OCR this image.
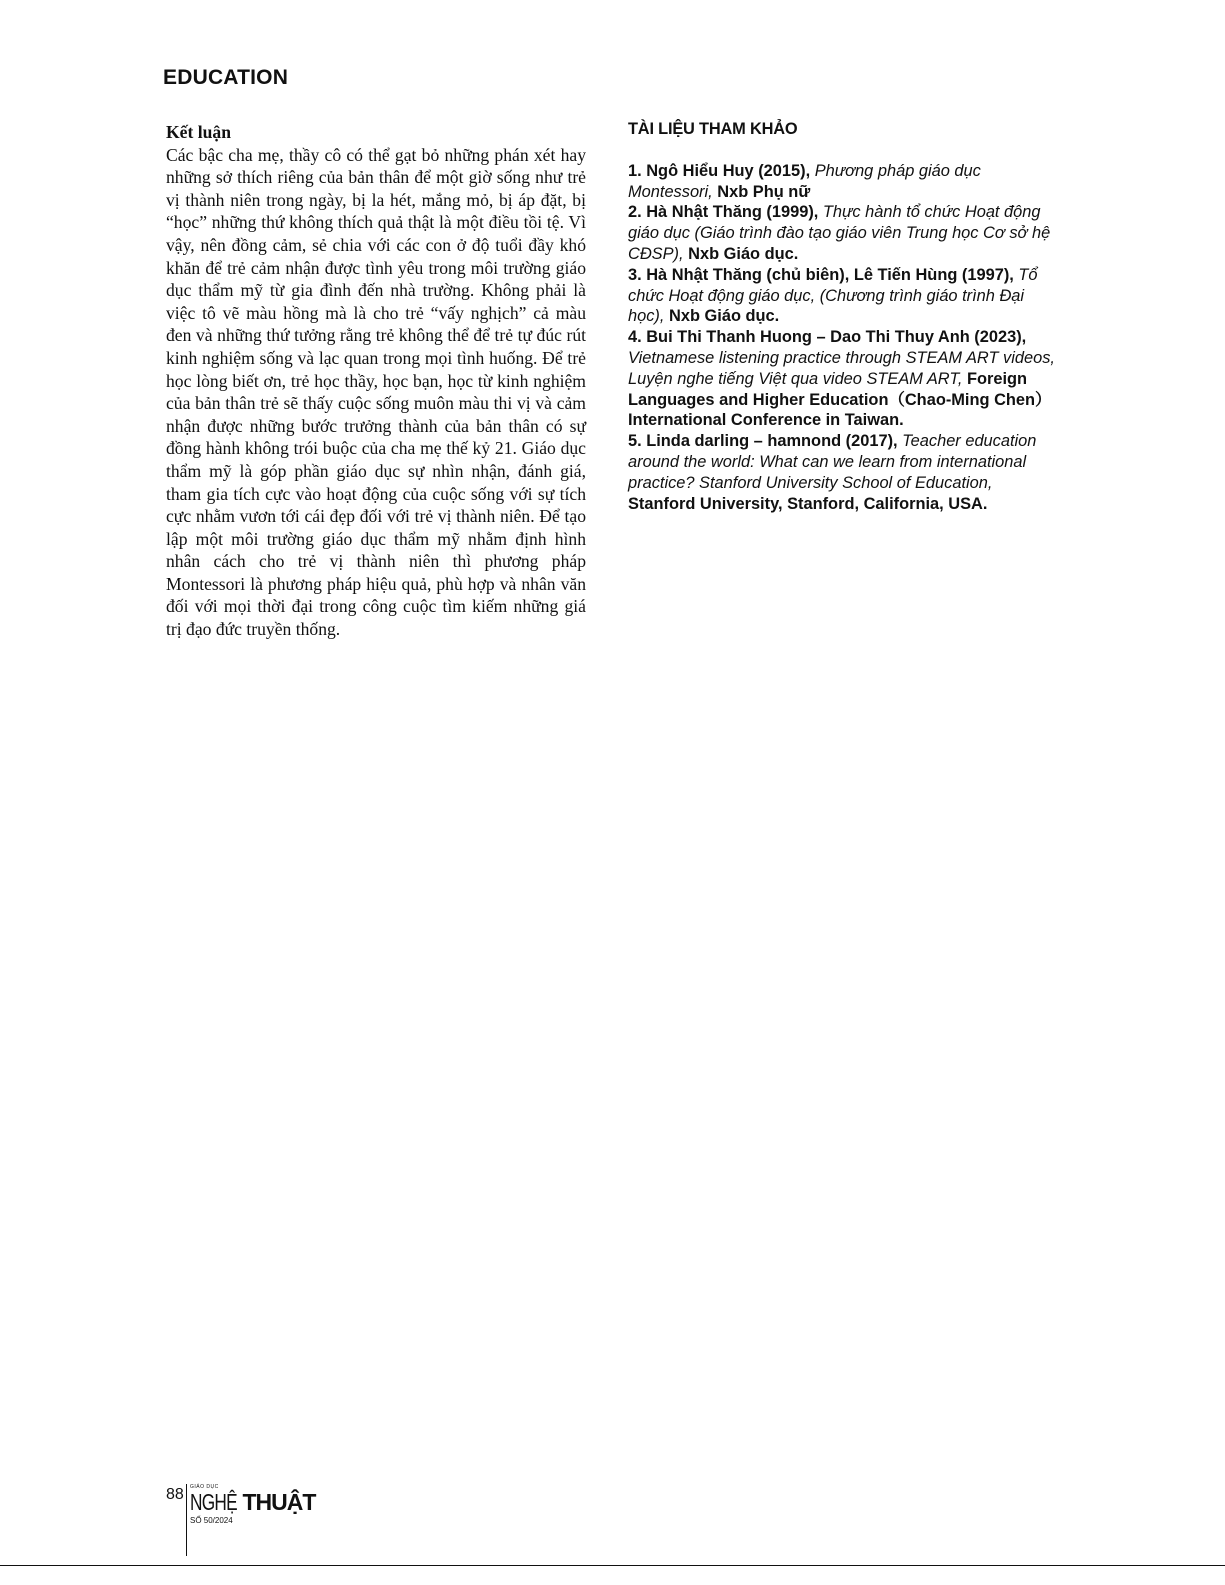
EDUCATION
Kết luận

Các bậc cha mẹ, thầy cô có thể gạt bỏ những phán xét hay những sở thích riêng của bản thân để một giờ sống như trẻ vị thành niên trong ngày, bị la hét, mắng mỏ, bị áp đặt, bị “học” những thứ không thích quả thật là một điều tồi tệ. Vì vậy, nên đồng cảm, sẻ chia với các con ở độ tuổi đầy khó khăn để trẻ cảm nhận được tình yêu trong môi trường giáo dục thẩm mỹ từ gia đình đến nhà trường. Không phải là việc tô vẽ màu hồng mà là cho trẻ “vấy nghịch” cả màu đen và những thứ tưởng rằng trẻ không thể để trẻ tự đúc rút kinh nghiệm sống và lạc quan trong mọi tình huống. Để trẻ học lòng biết ơn, trẻ học thầy, học bạn, học từ kinh nghiệm của bản thân trẻ sẽ thấy cuộc sống muôn màu thi vị và cảm nhận được những bước trưởng thành của bản thân có sự đồng hành không trói buộc của cha mẹ thế kỷ 21. Giáo dục thẩm mỹ là góp phần giáo dục sự nhìn nhận, đánh giá, tham gia tích cực vào hoạt động của cuộc sống với sự tích cực nhằm vươn tới cái đẹp đối với trẻ vị thành niên. Để tạo lập một môi trường giáo dục thẩm mỹ nhằm định hình nhân cách cho trẻ vị thành niên thì phương pháp Montessori là phương pháp hiệu quả, phù hợp và nhân văn đối với mọi thời đại trong công cuộc tìm kiếm những giá trị đạo đức truyền thống.

TÀI LIỆU THAM KHẢO

1. Ngô Hiểu Huy (2015), Phương pháp giáo dục Montessori, Nxb Phụ nữ

2. Hà Nhật Thăng (1999), Thực hành tổ chức Hoạt động giáo dục (Giáo trình đào tạo giáo viên Trung học Cơ sở hệ CĐSP), Nxb Giáo dục.

3. Hà Nhật Thăng (chủ biên), Lê Tiến Hùng (1997), Tổ chức Hoạt động giáo dục, (Chương trình giáo trình Đại học), Nxb Giáo dục.

4. Bui Thi Thanh Huong – Dao Thi Thuy Anh (2023), Vietnamese listening practice through STEAM ART videos, Luyện nghe tiếng Việt qua video STEAM ART, Foreign Languages and Higher Education（Chao-Ming Chen）International Conference in Taiwan.

5. Linda darling – hamnond (2017), Teacher education around the world: What can we learn from international practice? Stanford University School of Education, Stanford University, Stanford, California, USA.

88 GIÁO DỤC
NGHỆ THUẬT
SỐ 50/2024
